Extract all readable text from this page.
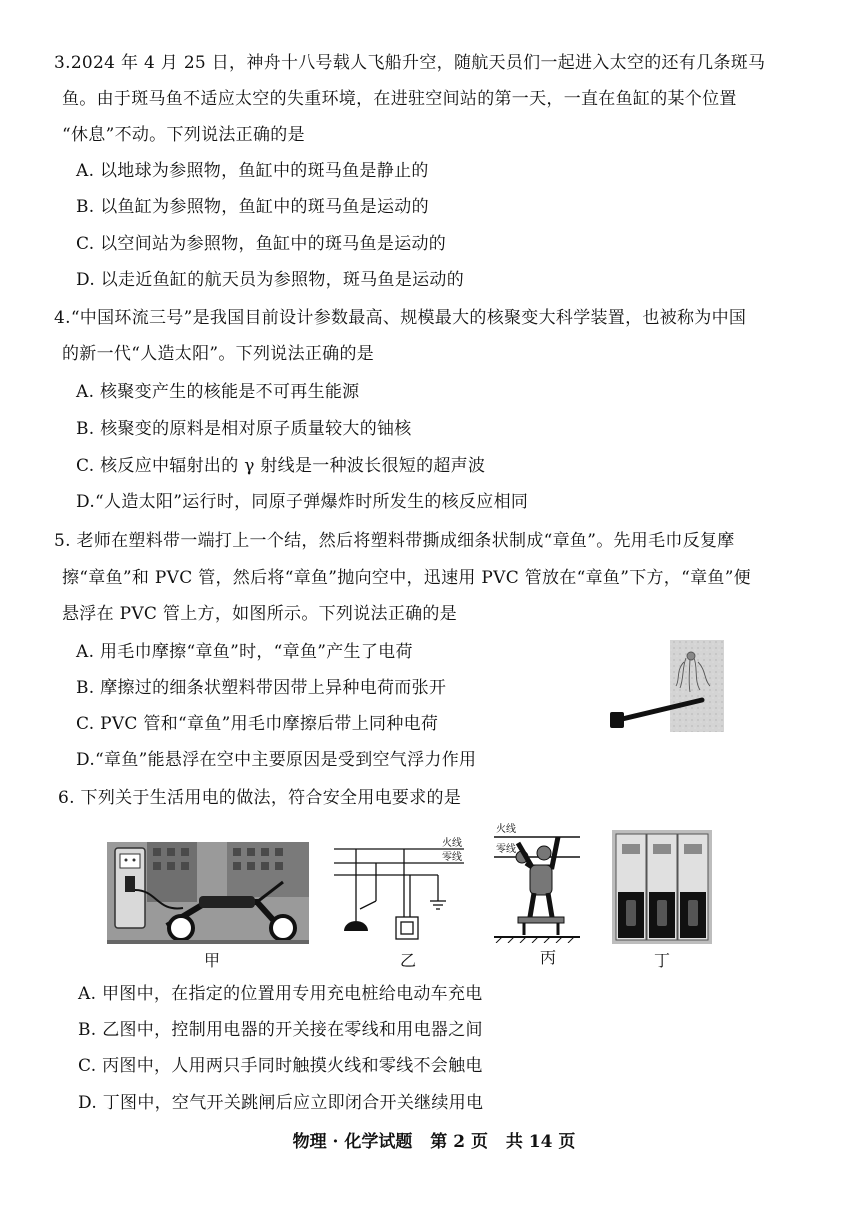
3.2024 年 4 月 25 日，神舟十八号载人飞船升空，随航天员们一起进入太空的还有几条斑马
鱼。由于斑马鱼不适应太空的失重环境，在进驻空间站的第一天，一直在鱼缸的某个位置
“休息”不动。下列说法正确的是
A. 以地球为参照物，鱼缸中的斑马鱼是静止的
B. 以鱼缸为参照物，鱼缸中的斑马鱼是运动的
C. 以空间站为参照物，鱼缸中的斑马鱼是运动的
D. 以走近鱼缸的航天员为参照物，斑马鱼是运动的
4.“中国环流三号”是我国目前设计参数最高、规模最大的核聚变大科学装置，也被称为中国
的新一代“人造太阳”。下列说法正确的是
A. 核聚变产生的核能是不可再生能源
B. 核聚变的原料是相对原子质量较大的铀核
C. 核反应中辐射出的 γ 射线是一种波长很短的超声波
D.“人造太阳”运行时，同原子弹爆炸时所发生的核反应相同
5. 老师在塑料带一端打上一个结，然后将塑料带撕成细条状制成“章鱼”。先用毛巾反复摩
擦“章鱼”和 PVC 管，然后将“章鱼”抛向空中，迅速用 PVC 管放在“章鱼”下方，“章鱼”便
悬浮在 PVC 管上方，如图所示。下列说法正确的是
A. 用毛巾摩擦“章鱼”时，“章鱼”产生了电荷
B. 摩擦过的细条状塑料带因带上异种电荷而张开
C. PVC 管和“章鱼”用毛巾摩擦后带上同种电荷
D.“章鱼”能悬浮在空中主要原因是受到空气浮力作用
6. 下列关于生活用电的做法，符合安全用电要求的是
火线
零线
火线
零线
甲	乙	丙	丁
A. 甲图中，在指定的位置用专用充电桩给电动车充电
B. 乙图中，控制用电器的开关接在零线和用电器之间
C. 丙图中，人用两只手同时触摸火线和零线不会触电
D. 丁图中，空气开关跳闸后应立即闭合开关继续用电
物理 · 化学试题 第 2 页 共 14 页
